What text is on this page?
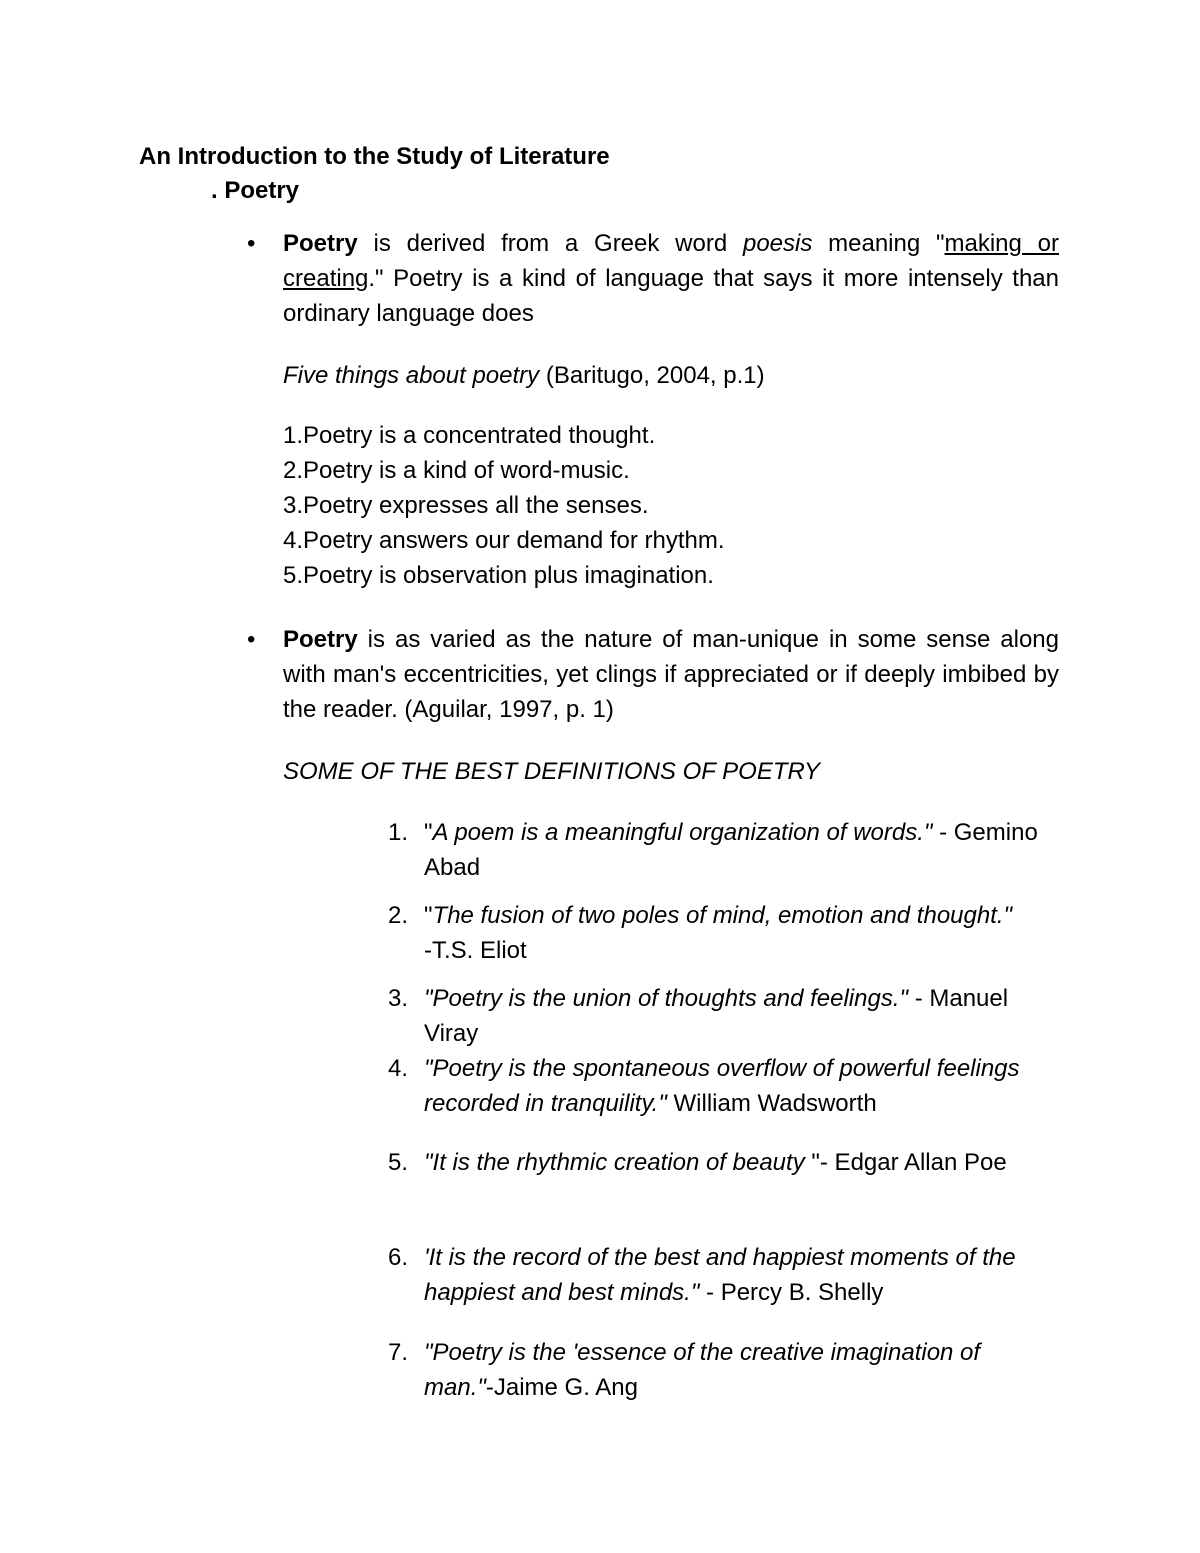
An Introduction to the Study of Literature

. Poetry

• Poetry is derived from a Greek word poesis meaning "making or creating." Poetry is a kind of language that says it more intensely than ordinary language does

Five things about poetry (Baritugo, 2004, p.1)

1.Poetry is a concentrated thought.
2.Poetry is a kind of word-music.
3.Poetry expresses all the senses.
4.Poetry answers our demand for rhythm.
5.Poetry is observation plus imagination.

• Poetry is as varied as the nature of man-unique in some sense along with man's eccentricities, yet clings if appreciated or if deeply imbibed by the reader. (Aguilar, 1997, p. 1)

SOME OF THE BEST DEFINITIONS OF POETRY

1. "A poem is a meaningful organization of words." - Gemino Abad
2. "The fusion of two poles of mind, emotion and thought." -T.S. Eliot
3. "Poetry is the union of thoughts and feelings." - Manuel Viray
4. "Poetry is the spontaneous overflow of powerful feelings recorded in tranquility." William Wadsworth
5. "It is the rhythmic creation of beauty "- Edgar Allan Poe
6. 'It is the record of the best and happiest moments of the happiest and best minds." - Percy B. Shelly
7. "Poetry is the 'essence of the creative imagination of man."-Jaime G. Ang
